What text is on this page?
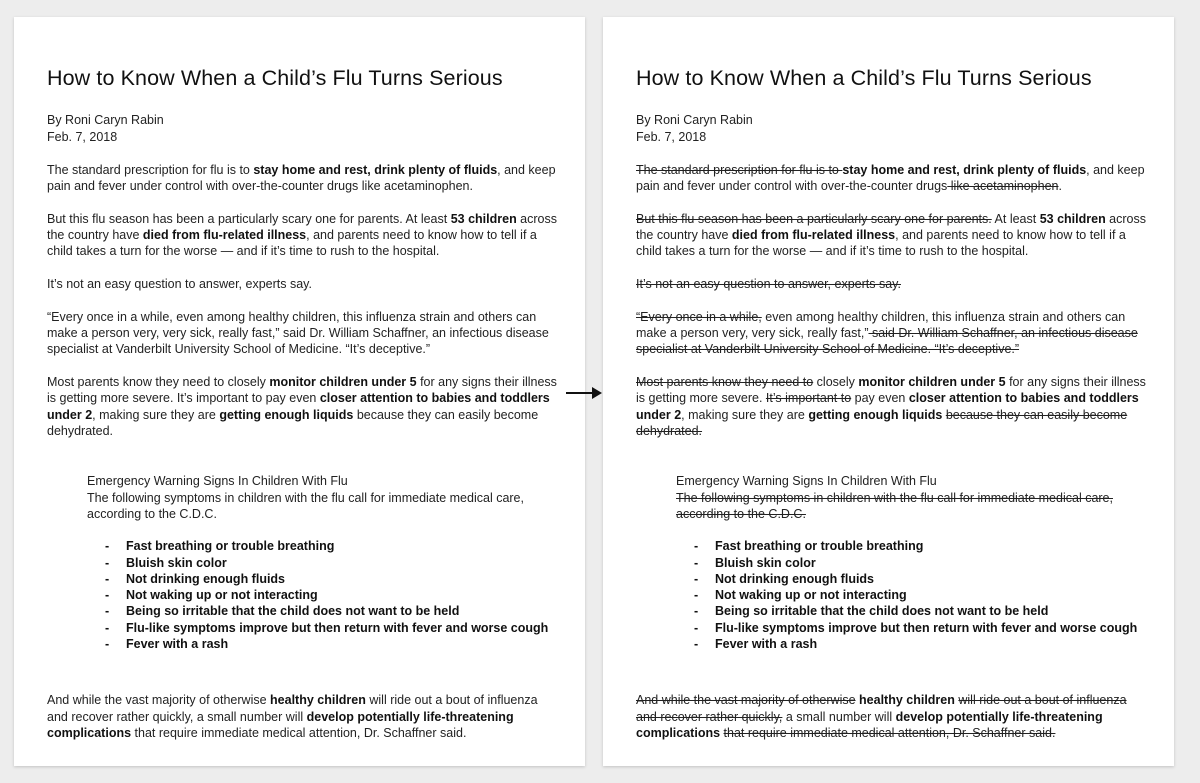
How to Know When a Child’s Flu Turns Serious
By Roni Caryn Rabin
Feb. 7, 2018

The standard prescription for flu is to stay home and rest, drink plenty of fluids, and keep pain and fever under control with over-the-counter drugs like acetaminophen.

But this flu season has been a particularly scary one for parents. At least 53 children across the country have died from flu-related illness, and parents need to know how to tell if a child takes a turn for the worse — and if it’s time to rush to the hospital.

It’s not an easy question to answer, experts say.

“Every once in a while, even among healthy children, this influenza strain and others can make a person very, very sick, really fast,” said Dr. William Schaffner, an infectious disease specialist at Vanderbilt University School of Medicine. “It’s deceptive.”

Most parents know they need to closely monitor children under 5 for any signs their illness is getting more severe. It’s important to pay even closer attention to babies and toddlers under 2, making sure they are getting enough liquids because they can easily become dehydrated.

Emergency Warning Signs In Children With Flu
The following symptoms in children with the flu call for immediate medical care, according to the C.D.C.
- Fast breathing or trouble breathing
- Bluish skin color
- Not drinking enough fluids
- Not waking up or not interacting
- Being so irritable that the child does not want to be held
- Flu-like symptoms improve but then return with fever and worse cough
- Fever with a rash
And while the vast majority of otherwise healthy children will ride out a bout of influenza and recover rather quickly, a small number will develop potentially life-threatening complications that require immediate medical attention, Dr. Schaffner said.
How to Know When a Child’s Flu Turns Serious
By Roni Caryn Rabin
Feb. 7, 2018

The standard prescription for flu is to stay home and rest, drink plenty of fluids, and keep pain and fever under control with over-the-counter drugs like acetaminophen.

But this flu season has been a particularly scary one for parents. At least 53 children across the country have died from flu-related illness, and parents need to know how to tell if a child takes a turn for the worse — and if it’s time to rush to the hospital.

It’s not an easy question to answer, experts say.

“Every once in a while, even among healthy children, this influenza strain and others can make a person very, very sick, really fast,” said Dr. William Schaffner, an infectious disease specialist at Vanderbilt University School of Medicine. “It’s deceptive.”

Most parents know they need to closely monitor children under 5 for any signs their illness is getting more severe. It’s important to pay even closer attention to babies and toddlers under 2, making sure they are getting enough liquids because they can easily become dehydrated.

Emergency Warning Signs In Children With Flu
The following symptoms in children with the flu call for immediate medical care, according to the C.D.C.
- Fast breathing or trouble breathing
- Bluish skin color
- Not drinking enough fluids
- Not waking up or not interacting
- Being so irritable that the child does not want to be held
- Flu-like symptoms improve but then return with fever and worse cough
- Fever with a rash
And while the vast majority of otherwise healthy children will ride out a bout of influenza and recover rather quickly, a small number will develop potentially life-threatening complications that require immediate medical attention, Dr. Schaffner said.
